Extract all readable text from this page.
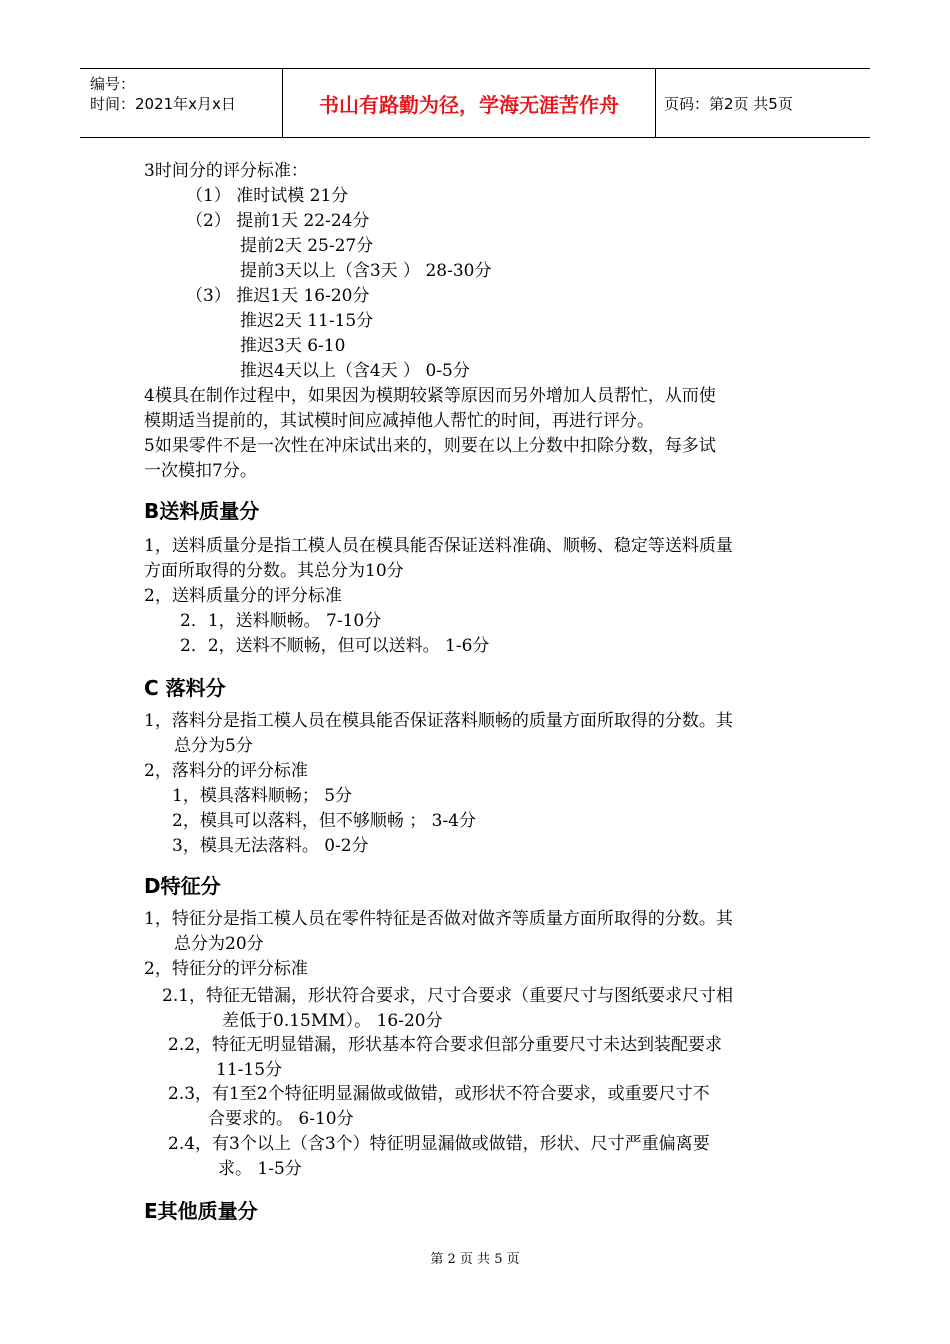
编号：
时间：2021年x月x日	书山有路勤为径，学海无涯苦作舟	页码：第2页 共5页
3时间分的评分标准：
（1） 准时试模 21分
（2） 提前1天 22-24分
提前2天 25-27分
提前3天以上（含3天 ） 28-30分
（3） 推迟1天 16-20分
推迟2天 11-15分
推迟3天 6-10
推迟4天以上（含4天 ） 0-5分
4模具在制作过程中，如果因为模期较紧等原因而另外增加人员帮忙，从而使
模期适当提前的，其试模时间应减掉他人帮忙的时间，再进行评分。
5如果零件不是一次性在冲床试出来的，则要在以上分数中扣除分数，每多试
一次模扣7分。
B送料质量分
1，送料质量分是指工模人员在模具能否保证送料准确、顺畅、稳定等送料质量
方面所取得的分数。其总分为10分
2，送料质量分的评分标准
2．1，送料顺畅。 7-10分
2．2，送料不顺畅，但可以送料。 1-6分
C 落料分
1，落料分是指工模人员在模具能否保证落料顺畅的质量方面所取得的分数。其
总分为5分
2，落料分的评分标准
1，模具落料顺畅； 5分
2，模具可以落料，但不够顺畅 ； 3-4分
3，模具无法落料。 0-2分
D特征分
1，特征分是指工模人员在零件特征是否做对做齐等质量方面所取得的分数。其
总分为20分
2，特征分的评分标准
2.1，特征无错漏，形状符合要求，尺寸合要求（重要尺寸与图纸要求尺寸相
差低于0.15MM）。 16-20分
2.2，特征无明显错漏，形状基本符合要求但部分重要尺寸未达到装配要求
11-15分
2.3，有1至2个特征明显漏做或做错，或形状不符合要求，或重要尺寸不
合要求的。 6-10分
2.4，有3个以上（含3个）特征明显漏做或做错，形状、尺寸严重偏离要
求。 1-5分
E其他质量分
第 2 页 共 5 页
